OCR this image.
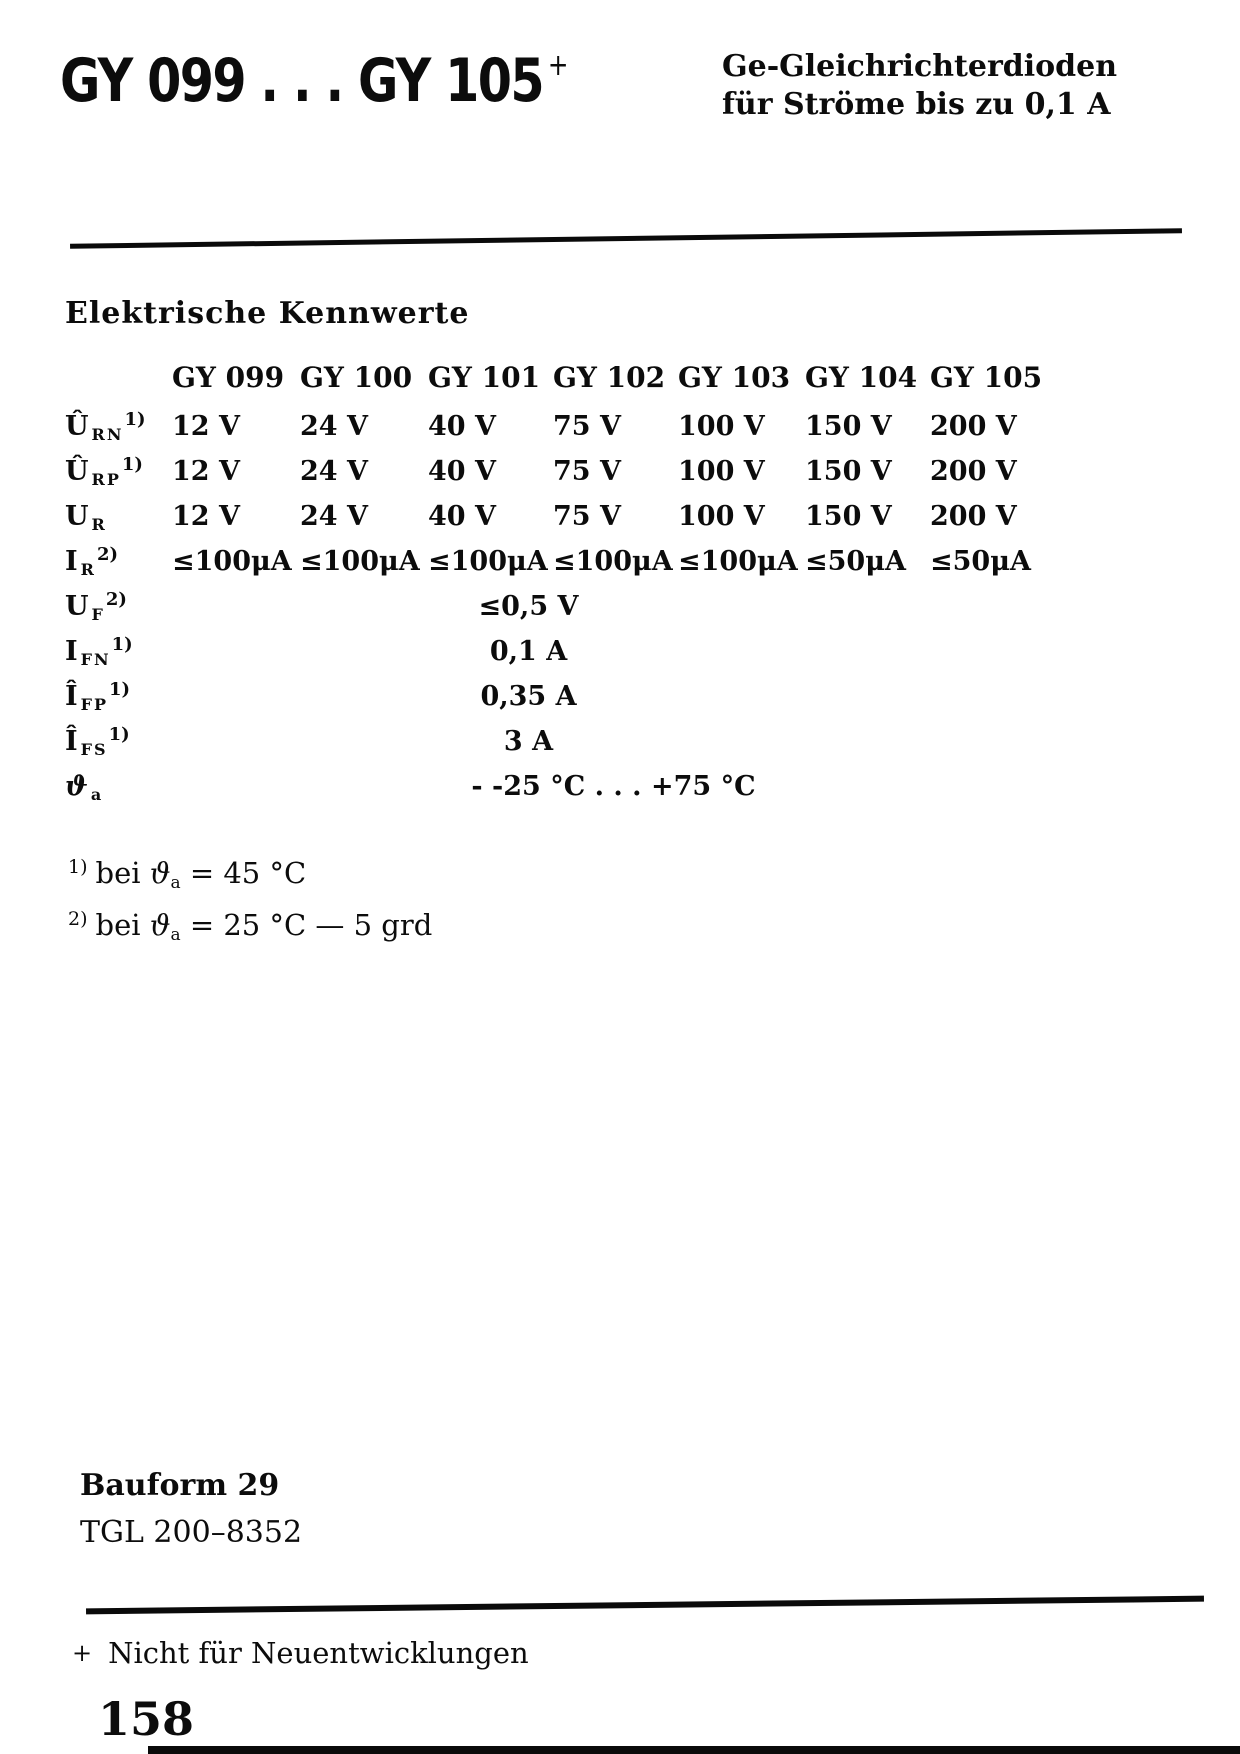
GY 099 . . . GY 105 +	Ge-Gleichrichterdioden
für Ströme bis zu 0,1 A
Elektrische Kennwerte
GY 099 GY 100 GY 101 GY 102 GY 103 GY 104 GY 105
ÛRN$^{1)}$ 12 V	24 V	40 V	75 V	100 V	150 V	200 V
ÛRP$^{1)}$	12 V	24 V	40 V	75 V	100 V	150 V	200 V
U R	12 V	24 V	40 V	75 V	100 V	150 V	200 V
I $R^{2)}$	≤100μA ≤100μA ≤100μA ≤100μA ≤100μA ≤50μA ≤50μA
U $F^{2)}$	≤0,5 V
IFN$^{1)}$	0,1 A
ÎFP$^{1)}$	0,35 A
ÎFS$^{1)}$	3 A
ϑa	- -25 °C . . . +75 °C
$^{1)}$ bei ϑa = 45 °C
$^{2)}$ bei ϑa = 25 °C — 5 grd
Bauform 29
TGL 200–8352
+ Nicht für Neuentwicklungen
158
